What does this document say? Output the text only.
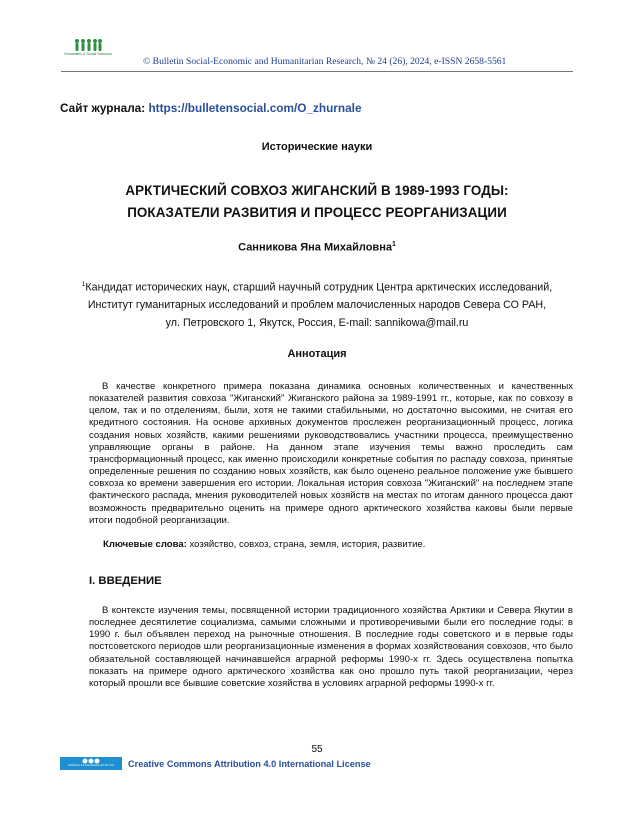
Humanities & Social Sciences
© Bulletin Social-Economic and Humanitarian Research, № 24 (26), 2024, e-ISSN 2658-5561
Сайт журнала: https://bulletensocial.com/O_zhurnale
Исторические науки
АРКТИЧЕСКИЙ СОВХОЗ ЖИГАНСКИЙ В 1989-1993 ГОДЫ:
ПОКАЗАТЕЛИ РАЗВИТИЯ И ПРОЦЕСС РЕОРГАНИЗАЦИИ
Санникова Яна Михайловна$^1$
$^1$Кандидат исторических наук, старший научный сотрудник Центра арктических исследований,
Институт гуманитарных исследований и проблем малочисленных народов Севера СО РАН,
ул. Петровского 1, Якутск, Россия, E-mail: sannikowa@mail.ru
Аннотация
В качестве конкретного примера показана динамика основных количественных и качественных показателей развития совхоза "Жиганский" Жиганского района за 1989-1991 гг., которые, как по совхозу в целом, так и по отделениям, были, хотя не такими стабильными, но достаточно высокими, не считая его кредитного состояния. На основе архивных документов прослежен реорганизационный процесс, логика создания новых хозяйств, какими решениями руководствовались участники процесса, преимущественно управляющие органы в районе. На данном этапе изучения темы важно проследить сам трансформационный процесс, как именно происходили конкретные события по распаду совхоза, принятые определенные решения по созданию новых хозяйств, как было оценено реальное положение уже бывшего совхоза ко времени завершения его истории. Локальная история совхоза "Жиганский" на последнем этапе фактического распада, мнения руководителей новых хозяйств на местах по итогам данного процесса дают возможность предварительно оценить на примере одного арктического хозяйства каковы были первые итоги подобной реорганизации.
Ключевые слова: хозяйство, совхоз, страна, земля, история, развитие.
I. ВВЕДЕНИЕ
В контексте изучения темы, посвященной истории традиционного хозяйства Арктики и Севера Якутии в последнее десятилетие социализма, самыми сложными и противоречивыми были его последние годы: в 1990 г. был объявлен переход на рыночные отношения. В последние годы советского и в первые годы постсоветского периодов шли реорганизационные изменения в формах хозяйствования совхозов, что было обязательной составляющей начинавшейся аграрной реформы 1990-х гг. Здесь осуществлена попытка показать на примере одного арктического хозяйства как оно прошло путь такой реорганизации, через который прошли все бывшие советские хозяйства в условиях аграрной реформы 1990-х гг.
55
Attribution 4.0 International (CC BY 4.0)	Creative Commons Attribution 4.0 International License
